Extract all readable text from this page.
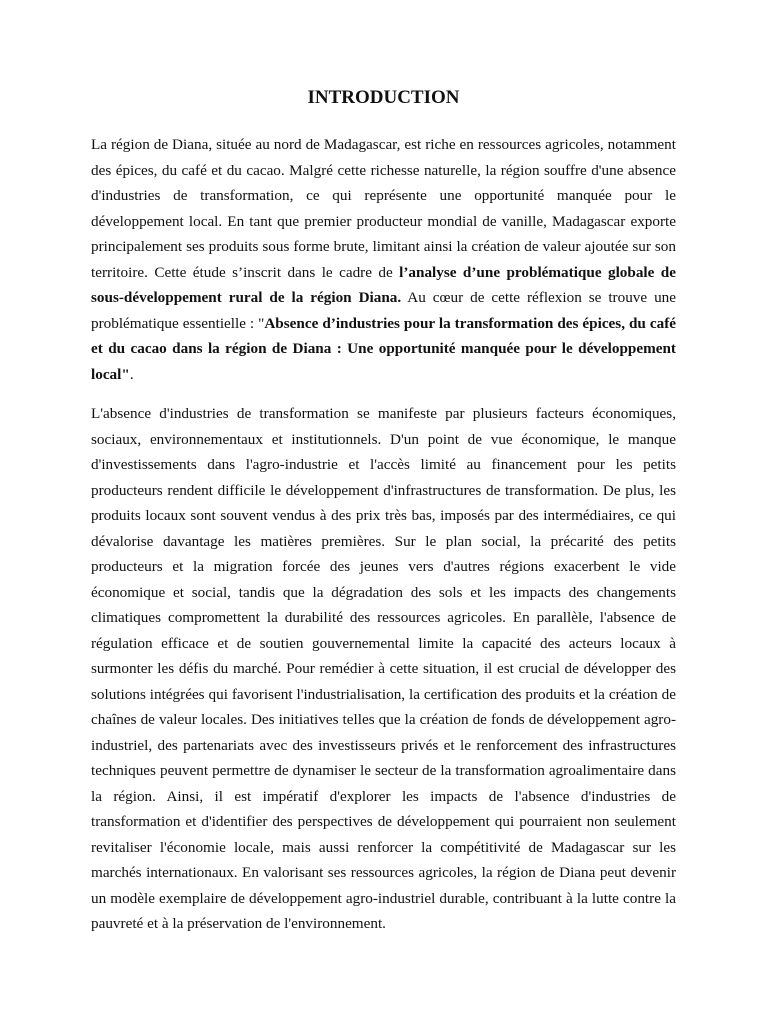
INTRODUCTION

La région de Diana, située au nord de Madagascar, est riche en ressources agricoles, notamment des épices, du café et du cacao. Malgré cette richesse naturelle, la région souffre d'une absence d'industries de transformation, ce qui représente une opportunité manquée pour le développement local. En tant que premier producteur mondial de vanille, Madagascar exporte principalement ses produits sous forme brute, limitant ainsi la création de valeur ajoutée sur son territoire. Cette étude s’inscrit dans le cadre de l’analyse d’une problématique globale de sous-développement rural de la région Diana. Au cœur de cette réflexion se trouve une problématique essentielle : "Absence d’industries pour la transformation des épices, du café et du cacao dans la région de Diana : Une opportunité manquée pour le développement local".

L'absence d'industries de transformation se manifeste par plusieurs facteurs économiques, sociaux, environnementaux et institutionnels. D'un point de vue économique, le manque d'investissements dans l'agro-industrie et l'accès limité au financement pour les petits producteurs rendent difficile le développement d'infrastructures de transformation. De plus, les produits locaux sont souvent vendus à des prix très bas, imposés par des intermédiaires, ce qui dévalorise davantage les matières premières. Sur le plan social, la précarité des petits producteurs et la migration forcée des jeunes vers d'autres régions exacerbent le vide économique et social, tandis que la dégradation des sols et les impacts des changements climatiques compromettent la durabilité des ressources agricoles. En parallèle, l'absence de régulation efficace et de soutien gouvernemental limite la capacité des acteurs locaux à surmonter les défis du marché. Pour remédier à cette situation, il est crucial de développer des solutions intégrées qui favorisent l'industrialisation, la certification des produits et la création de chaînes de valeur locales. Des initiatives telles que la création de fonds de développement agro-industriel, des partenariats avec des investisseurs privés et le renforcement des infrastructures techniques peuvent permettre de dynamiser le secteur de la transformation agroalimentaire dans la région. Ainsi, il est impératif d'explorer les impacts de l'absence d'industries de transformation et d'identifier des perspectives de développement qui pourraient non seulement revitaliser l'économie locale, mais aussi renforcer la compétitivité de Madagascar sur les marchés internationaux. En valorisant ses ressources agricoles, la région de Diana peut devenir un modèle exemplaire de développement agro-industriel durable, contribuant à la lutte contre la pauvreté et à la préservation de l'environnement.
